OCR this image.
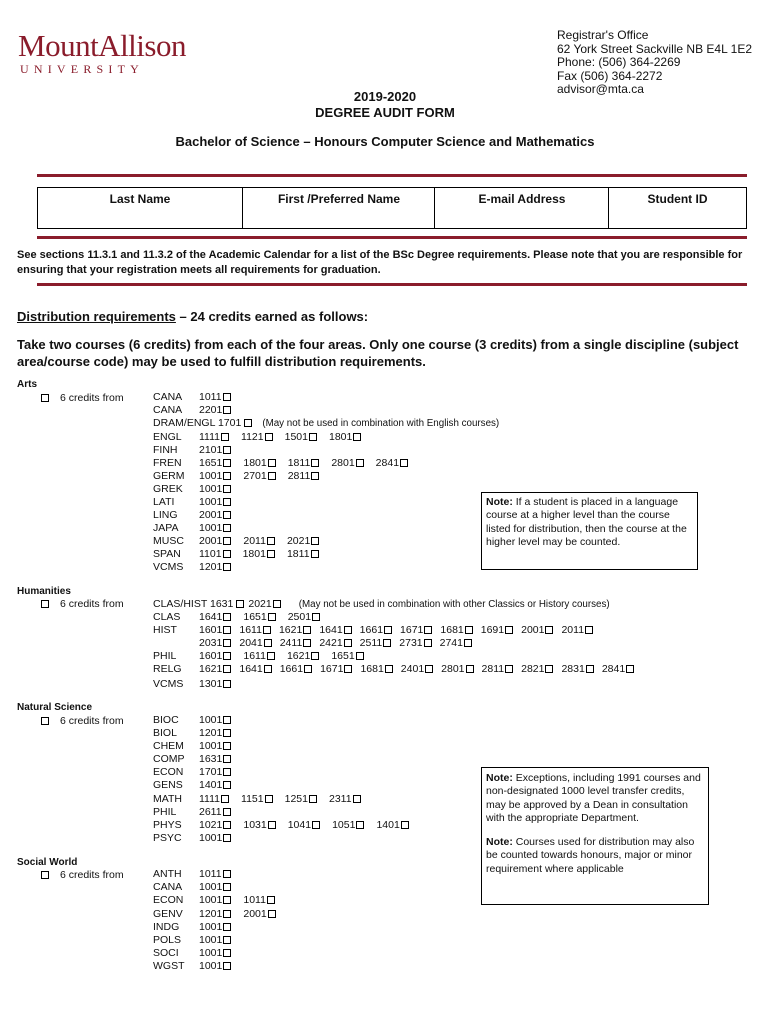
MountAllison
UNIVERSITY
Registrar's Office
62 York Street Sackville NB E4L 1E2
Phone: (506) 364-2269
Fax (506) 364-2272
advisor@mta.ca
2019-2020
DEGREE AUDIT FORM
Bachelor of Science – Honours Computer Science and Mathematics
Last Name	First /Preferred Name	E-mail Address	Student ID
See sections 11.3.1 and 11.3.2 of the Academic Calendar for a list of the BSc Degree requirements. Please note that you are responsible for ensuring that your registration meets all requirements for graduation.
Distribution requirements – 24 credits earned as follows:
Take two courses (6 credits) from each of the four areas. Only one course (3 credits) from a single discipline (subject area/course code) may be used to fulfill distribution requirements.
Arts
6 credits from	CANA 1011
CANA 2201
DRAM/ENGL 1701 (May not be used in combination with English courses)
ENGL 1111 1121 1501 1801
FINH 2101
FREN 1651 1801 1811 2801 2841
GERM 1001 2701 2811
GREK 1001
LATI 1001
LING 2001
JAPA 1001
MUSC 2001 2011 2021
SPAN 1101 1801 1811
VCMS 1201
Humanities
6 credits from	CLAS/HIST 1631 2021	(May not be used in combination with other Classics or History courses)
CLAS 1641 1651 2501
HIST 1601 1611 1621 1641 1661 1671 1681 1691 2001 2011
2031 2041 2411 2421 2511 2731 2741
PHIL 1601 1611 1621 1651
RELG 1621 1641 1661 1671 1681 2401 2801 2811 2821 2831 2841
VCMS 1301
Natural Science
6 credits from	BIOC 1001
BIOL 1201
CHEM 1001
COMP 1631
ECON 1701
GENS 1401
MATH 1111 1151 1251 2311
PHIL 2611
PHYS 1021 1031 1041 1051 1401
PSYC 1001
Social World
6 credits from	ANTH 1011
CANA 1001
ECON 1001 1011
GENV 1201 2001
INDG 1001
POLS 1001
SOCI 1001
WGST 1001
Note: If a student is placed in a language course at a higher level than the course listed for distribution, then the course at the higher level may be counted.
Note: Exceptions, including 1991 courses and non-designated 1000 level transfer credits, may be approved by a Dean in consultation with the appropriate Department.
Note: Courses used for distribution may also be counted towards honours, major or minor requirement where applicable
